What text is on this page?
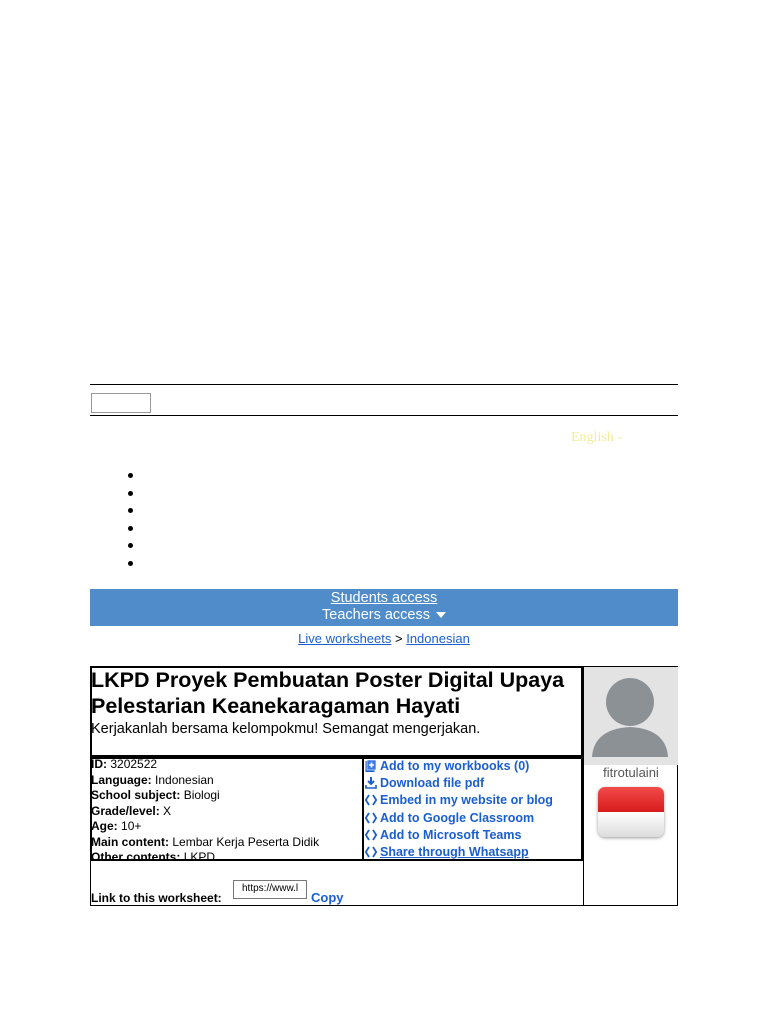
English -
Students access
Teachers access
Live worksheets > Indonesian
LKPD Proyek Pembuatan Poster Digital Upaya Pelestarian Keanekaragaman Hayati
Kerjakanlah bersama kelompokmu! Semangat mengerjakan.
ID: 3202522
Language: Indonesian
School subject: Biologi
Grade/level: X
Age: 10+
Main content: Lembar Kerja Peserta Didik
Other contents: LKPD
Add to my workbooks (0)
Download file pdf
Embed in my website or blog
Add to Google Classroom
Add to Microsoft Teams
Share through Whatsapp
Link to this worksheet:
https://www.l
Copy
fitrotulaini
